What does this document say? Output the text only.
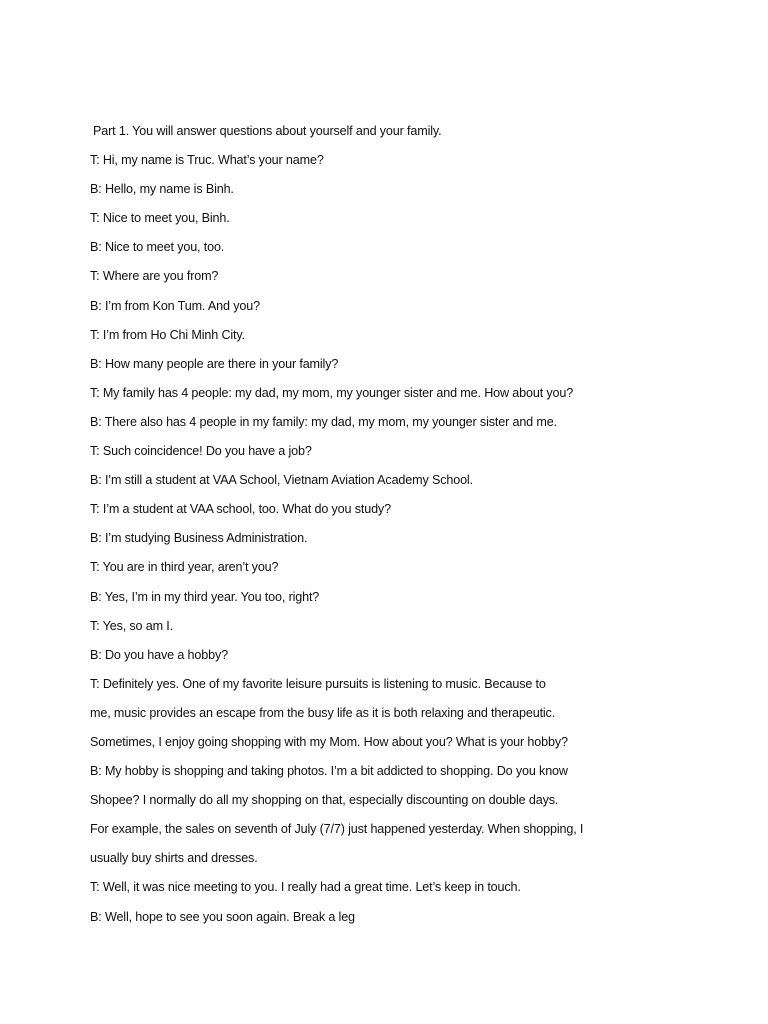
Part 1. You will answer questions about yourself and your family.
T: Hi, my name is Truc. What’s your name?
B: Hello, my name is Binh.
T: Nice to meet you, Binh.
B: Nice to meet you, too.
T: Where are you from?
B: I’m from Kon Tum. And you?
T: I’m from Ho Chi Minh City.
B: How many people are there in your family?
T: My family has 4 people: my dad, my mom, my younger sister and me. How about you?
B: There also has 4 people in my family: my dad, my mom, my younger sister and me.
T: Such coincidence! Do you have a job?
B: I’m still a student at VAA School, Vietnam Aviation Academy School.
T: I’m a student at VAA school, too. What do you study?
B: I’m studying Business Administration.
T: You are in third year, aren’t you?
B: Yes, I’m in my third year. You too, right?
T: Yes, so am I.
B: Do you have a hobby?
T: Definitely yes. One of my favorite leisure pursuits is listening to music. Because to
me, music provides an escape from the busy life as it is both relaxing and therapeutic.
Sometimes, I enjoy going shopping with my Mom. How about you? What is your hobby?
B: My hobby is shopping and taking photos. I’m a bit addicted to shopping. Do you know
Shopee? I normally do all my shopping on that, especially discounting on double days.
For example, the sales on seventh of July (7/7) just happened yesterday. When shopping, I
usually buy shirts and dresses.
T: Well, it was nice meeting to you. I really had a great time. Let’s keep in touch.
B: Well, hope to see you soon again. Break a leg
